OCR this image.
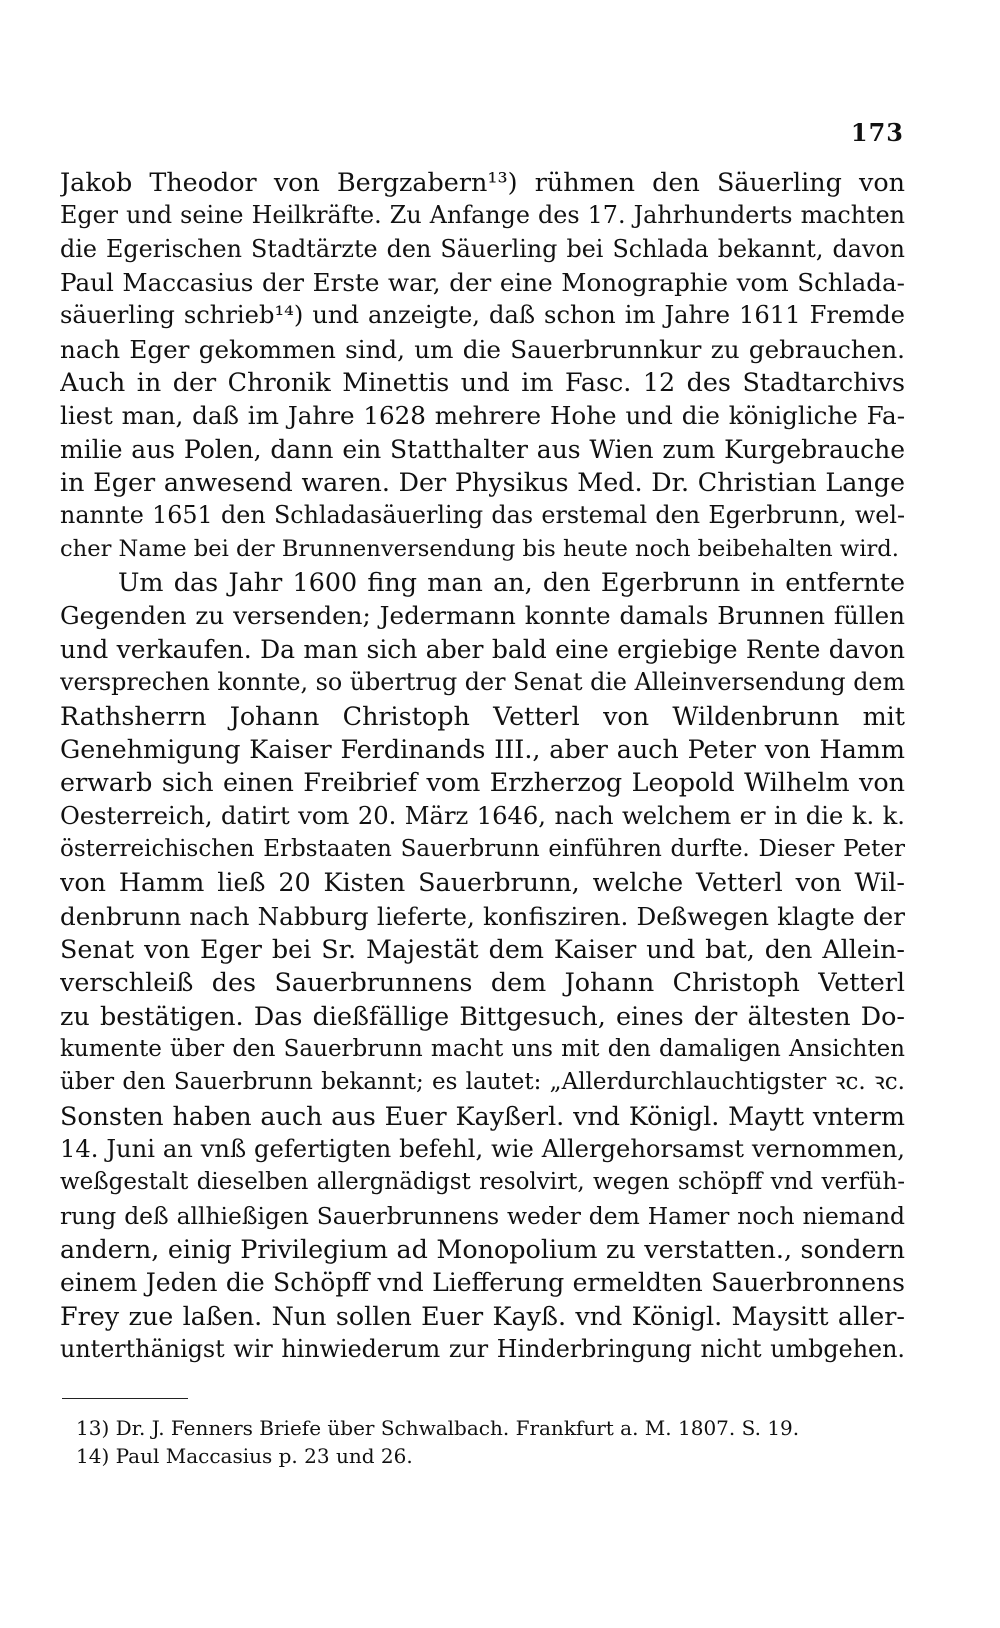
173
Jakob Theodor von Bergzabern¹³) rühmen den Säuerling von
Eger und seine Heilkräfte. Zu Anfange des 17. Jahrhunderts machten
die Egerischen Stadtärzte den Säuerling bei Schlada bekannt, davon
Paul Maccasius der Erste war, der eine Monographie vom Schlada-
säuerling schrieb¹⁴) und anzeigte, daß schon im Jahre 1611 Fremde
nach Eger gekommen sind, um die Sauerbrunnkur zu gebrauchen.
Auch in der Chronik Minettis und im Fasc. 12 des Stadtarchivs
liest man, daß im Jahre 1628 mehrere Hohe und die königliche Fa-
milie aus Polen, dann ein Statthalter aus Wien zum Kurgebrauche
in Eger anwesend waren. Der Physikus Med. Dr. Christian Lange
nannte 1651 den Schladasäuerling das erstemal den Egerbrunn, wel-
cher Name bei der Brunnenversendung bis heute noch beibehalten wird.
Um das Jahr 1600 fing man an, den Egerbrunn in entfernte
Gegenden zu versenden; Jedermann konnte damals Brunnen füllen
und verkaufen. Da man sich aber bald eine ergiebige Rente davon
versprechen konnte, so übertrug der Senat die Alleinversendung dem
Rathsherrn Johann Christoph Vetterl von Wildenbrunn mit
Genehmigung Kaiser Ferdinands III., aber auch Peter von Hamm
erwarb sich einen Freibrief vom Erzherzog Leopold Wilhelm von
Oesterreich, datirt vom 20. März 1646, nach welchem er in die k. k.
österreichischen Erbstaaten Sauerbrunn einführen durfte. Dieser Peter
von Hamm ließ 20 Kisten Sauerbrunn, welche Vetterl von Wil-
denbrunn nach Nabburg lieferte, konfisziren. Deßwegen klagte der
Senat von Eger bei Sr. Majestät dem Kaiser und bat, den Allein-
verschleiß des Sauerbrunnens dem Johann Christoph Vetterl
zu bestätigen. Das dießfällige Bittgesuch, eines der ältesten Do-
kumente über den Sauerbrunn macht uns mit den damaligen Ansichten
über den Sauerbrunn bekannt; es lautet: „Allerdurchlauchtigster ꝛc. ꝛc.
Sonsten haben auch aus Euer Kayßerl. vnd Königl. Maytt vnterm
14. Juni an vnß gefertigten befehl, wie Allergehorsamst vernommen,
weßgestalt dieselben allergnädigst resolvirt, wegen schöpff vnd verfüh-
rung deß allhießigen Sauerbrunnens weder dem Hamer noch niemand
andern, einig Privilegium ad Monopolium zu verstatten., sondern
einem Jeden die Schöpff vnd Liefferung ermeldten Sauerbronnens
Frey zue laßen. Nun sollen Euer Kayß. vnd Königl. Maysitt aller-
unterthänigst wir hinwiederum zur Hinderbringung nicht umbgehen.
13) Dr. J. Fenners Briefe über Schwalbach. Frankfurt a. M. 1807. S. 19.
14) Paul Maccasius p. 23 und 26.
